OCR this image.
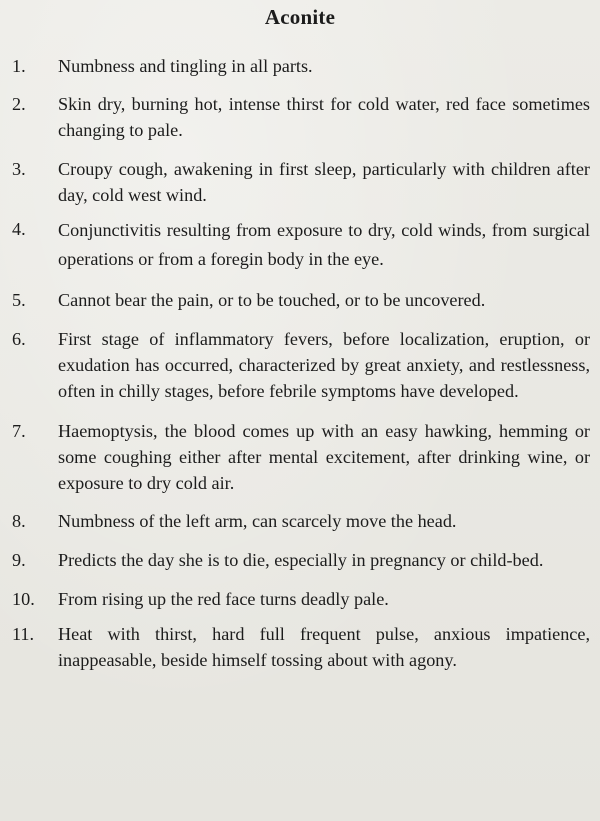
Aconite
1.	Numbness and tingling in all parts.
2.	Skin dry, burning hot, intense thirst for cold water, red face sometimes changing to pale.
3.	Croupy cough, awakening in first sleep, particularly with children after day, cold west wind.
4.	Conjunctivitis resulting from exposure to dry, cold winds, from surgical operations or from a foregin body in the eye.
5.	Cannot bear the pain, or to be touched, or to be uncovered.
6.	First stage of inflammatory fevers, before localization, eruption, or exudation has occurred, characterized by great anxiety, and restlessness, often in chilly stages, before febrile symptoms have developed.
7.	Haemoptysis, the blood comes up with an easy hawking, hemming or some coughing either after mental excitement, after drinking wine, or exposure to dry cold air.
8.	Numbness of the left arm, can scarcely move the head.
9.	Predicts the day she is to die, especially in pregnancy or child-bed.
10.	From rising up the red face turns deadly pale.
11.	Heat with thirst, hard full frequent pulse, anxious impatience, inappeasable, beside himself tossing about with agony.
